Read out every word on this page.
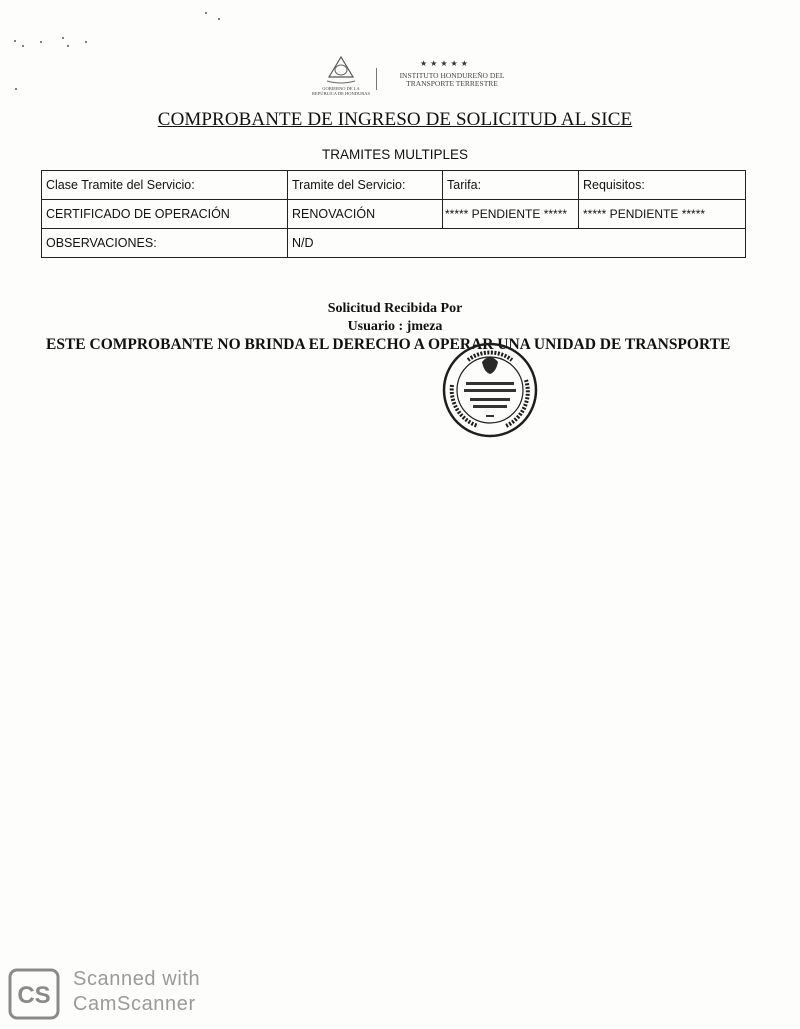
GOBIERNO DE LA
REPÚBLICA DE HONDURAS
★★★★★
INSTITUTO HONDUREÑO DEL
TRANSPORTE TERRESTRE
COMPROBANTE DE INGRESO DE SOLICITUD AL SICE
TRAMITES MULTIPLES
Clase Tramite del Servicio:	Tramite del Servicio:	Tarifa:	Requisitos:
CERTIFICADO DE OPERACIÓN	RENOVACIÓN	***** PENDIENTE *****	***** PENDIENTE *****
OBSERVACIONES:	N/D		
Solicitud Recibida Por
Usuario : jmeza
ESTE COMPROBANTE NO BRINDA EL DERECHO A OPERAR UNA UNIDAD DE TRANSPORTE
CS
Scanned with
CamScanner
